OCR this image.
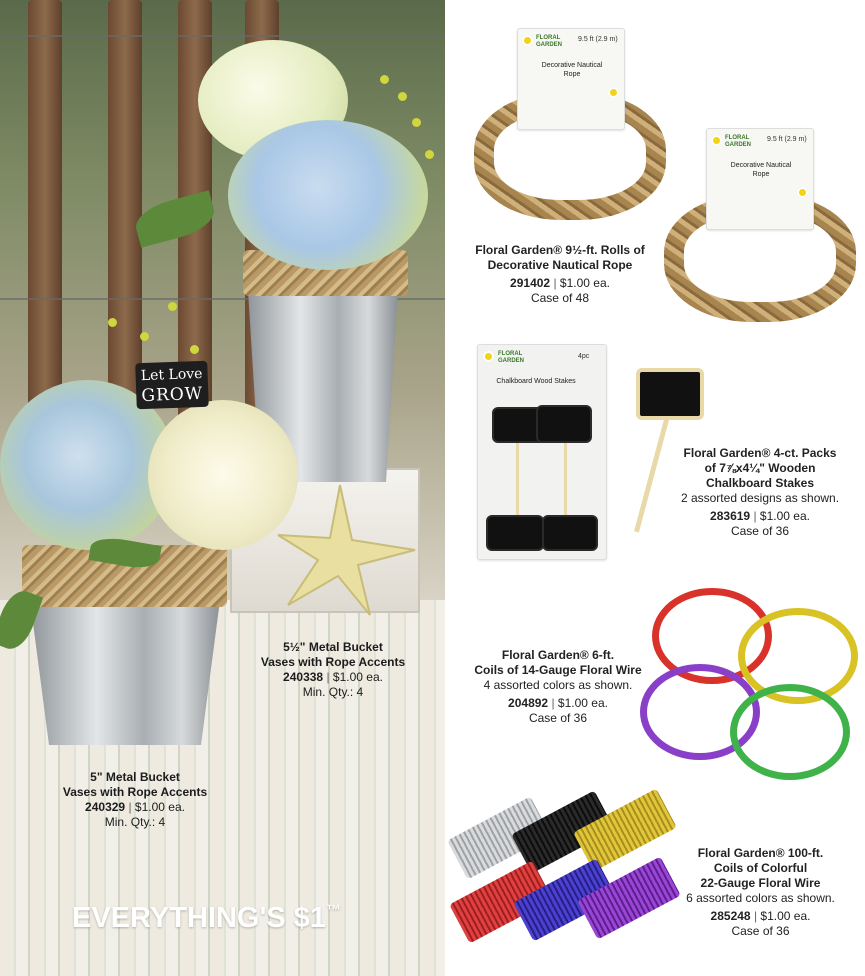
Let Love
GROW
5" Metal Bucket
Vases with Rope Accents
240329 | $1.00 ea.
Min. Qty.: 4
5½" Metal Bucket
Vases with Rope Accents
240338 | $1.00 ea.
Min. Qty.: 4
EVERYTHING'S $1™
FLORAL GARDEN
9.5 ft (2.9 m)
Decorative Nautical Rope
FLORAL GARDEN
9.5 ft (2.9 m)
Decorative Nautical Rope
Floral Garden® 9½-ft. Rolls of
Decorative Nautical Rope
291402 | $1.00 ea.
Case of 48
FLORAL GARDEN
4pc
Chalkboard Wood Stakes
Floral Garden® 4-ct. Packs
of 7⅞x4¼" Wooden
Chalkboard Stakes
2 assorted designs as shown.
283619 | $1.00 ea.
Case of 36
Floral Garden® 6-ft.
Coils of 14-Gauge Floral Wire
4 assorted colors as shown.
204892 | $1.00 ea.
Case of 36
Floral Garden® 100-ft.
Coils of Colorful
22-Gauge Floral Wire
6 assorted colors as shown.
285248 | $1.00 ea.
Case of 36
